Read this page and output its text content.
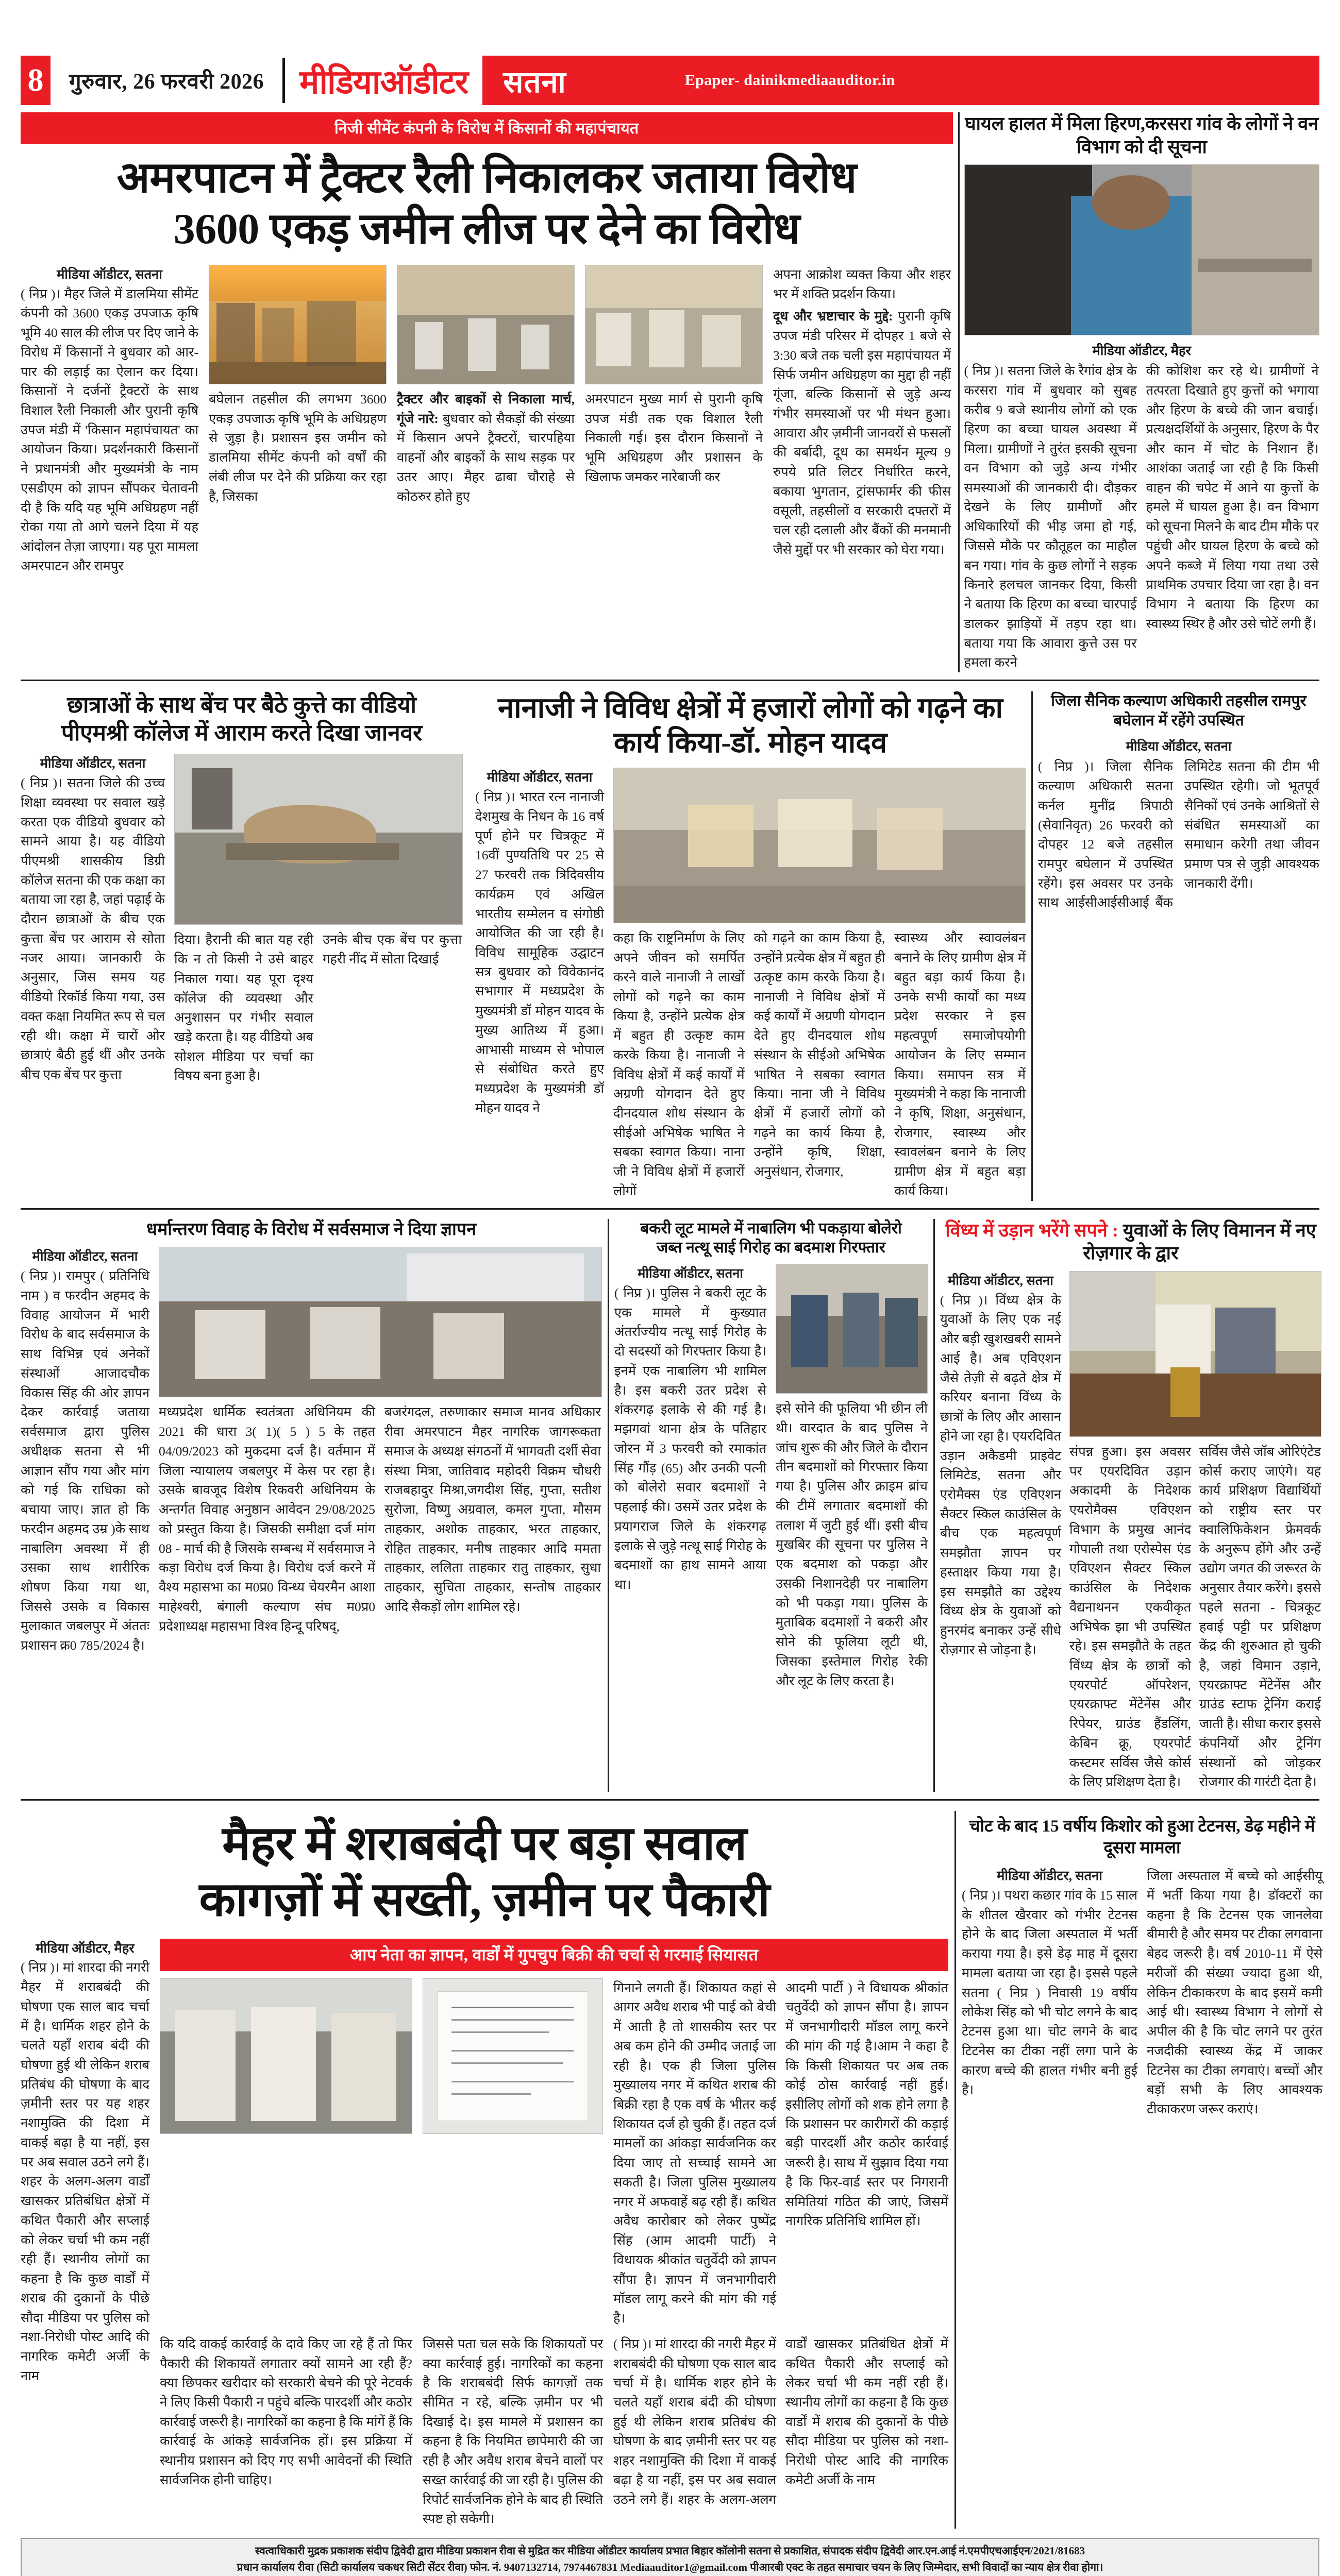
8	गुरुवार, 26 फरवरी 2026	मीडियाऑडीटर	सतना	Epaper- dainikmediaauditor.in
निजी सीमेंट कंपनी के विरोध में किसानों की महापंचायत
अमरपाटन में ट्रैक्टर रैली निकालकर जताया विरोध
3600 एकड़ जमीन लीज पर देने का विरोध
मीडिया ऑडीटर, सतना
( निप्र )। मैहर जिले में डालमिया सीमेंट कंपनी को 3600 एकड़ उपजाऊ कृषि भूमि 40 साल की लीज पर दिए जाने के विरोध में किसानों ने बुधवार को आर-पार की लड़ाई का ऐलान कर दिया। किसानों ने दर्जनों ट्रैक्टरों के साथ विशाल रैली निकाली और पुरानी कृषि उपज मंडी में 'किसान महापंचायत' का आयोजन किया। प्रदर्शनकारी किसानों ने प्रधानमंत्री और मुख्यमंत्री के नाम एसडीएम को ज्ञापन सौंपकर चेतावनी दी है कि यदि यह भूमि अधिग्रहण नहीं रोका गया तो आगे चलने दिया में यह आंदोलन तेज़ा जाएगा। यह पूरा मामला अमरपाटन और रामपुर
बघेलान तहसील की लगभग 3600 एकड़ उपजाऊ कृषि भूमि के अधिग्रहण से जुड़ा है। प्रशासन इस जमीन को डालमिया सीमेंट कंपनी को वर्षों की लंबी लीज पर देने की प्रक्रिया कर रहा है, जिसका
ट्रैक्टर और बाइकों से निकाला मार्च, गूंजे नारे: बुधवार को सैकड़ों की संख्या में किसान अपने ट्रैक्टरों, चारपहिया वाहनों और बाइकों के साथ सड़क पर उतर आए। मैहर ढाबा चौराहे से कोठरुर होते हुए
अमरपाटन मुख्य मार्ग से पुरानी कृषि उपज मंडी तक एक विशाल रैली निकाली गई। इस दौरान किसानों ने भूमि अधिग्रहण और प्रशासन के खिलाफ जमकर नारेबाजी कर
अपना आक्रोश व्यक्त किया और शहर भर में शक्ति प्रदर्शन किया।
दूध और भ्रष्टाचार के मुद्दे: पुरानी कृषि उपज मंडी परिसर में दोपहर 1 बजे से 3:30 बजे तक चली इस महापंचायत में सिर्फ जमीन अधिग्रहण का मुद्दा ही नहीं गूंजा, बल्कि किसानों से जुड़े अन्य गंभीर समस्याओं पर भी मंथन हुआ। आवारा और ज़मीनी जानवरों से फसलों की बर्बादी, दूध का समर्थन मूल्य 9 रुपये प्रति लिटर निर्धारित करने, बकाया भुगतान, ट्रांसफार्मर की फीस वसूली, तहसीलों व सरकारी दफ्तरों में चल रही दलाली और बैंकों की मनमानी जैसे मुद्दों पर भी सरकार को घेरा गया।
घायल हालत में मिला हिरण,करसरा गांव के लोगों ने वन विभाग को दी सूचना
मीडिया ऑडीटर, मैहर
( निप्र )। सतना जिले के रैगांव क्षेत्र के करसरा गांव में बुधवार को सुबह करीब 9 बजे स्थानीय लोगों को एक हिरण का बच्चा घायल अवस्था में मिला। ग्रामीणों ने तुरंत इसकी सूचना वन विभाग को जुड़े अन्य गंभीर समस्याओं की जानकारी दी। दौड़कर देखने के लिए ग्रामीणों और अधिकारियों की भीड़ जमा हो गई, जिससे मौके पर कौतूहल का माहौल बन गया। गांव के कुछ लोगों ने सड़क किनारे हलचल जानकर दिया, किसी ने बताया कि हिरण का बच्चा चारपाई डालकर झाड़ियों में तड़प रहा था। बताया गया कि आवारा कुत्ते उस पर हमला करने
की कोशिश कर रहे थे। ग्रामीणों ने तत्परता दिखाते हुए कुत्तों को भगाया और हिरण के बच्चे की जान बचाई। प्रत्यक्षदर्शियों के अनुसार, हिरण के पैर और कान में चोट के निशान हैं। आशंका जताई जा रही है कि किसी वाहन की चपेट में आने या कुत्तों के हमले में घायल हुआ है। वन विभाग को सूचना मिलने के बाद टीम मौके पर पहुंची और घायल हिरण के बच्चे को अपने कब्जे में लिया गया तथा उसे प्राथमिक उपचार दिया जा रहा है। वन विभाग ने बताया कि हिरण का स्वास्थ्य स्थिर है और उसे चोटें लगी हैं।
छात्राओं के साथ बेंच पर बैठे कुत्ते का वीडियो
पीएमश्री कॉलेज में आराम करते दिखा जानवर
मीडिया ऑडीटर, सतना
( निप्र )। सतना जिले की उच्च शिक्षा व्यवस्था पर सवाल खड़े करता एक वीडियो बुधवार को सामने आया है। यह वीडियो पीएमश्री शासकीय डिग्री कॉलेज सतना की एक कक्षा का बताया जा रहा है, जहां पढ़ाई के दौरान छात्राओं के बीच एक कुत्ता बेंच पर आराम से सोता नजर आया। जानकारी के अनुसार, जिस समय यह वीडियो रिकॉर्ड किया गया, उस वक्त कक्षा नियमित रूप से चल रही थी। कक्षा में चारों ओर छात्राएं बैठी हुई थीं और उनके बीच एक बेंच पर कुत्ता
दिया। हैरानी की बात यह रही कि न तो किसी ने उसे बाहर निकाल गया। यह पूरा दृश्य कॉलेज की व्यवस्था और अनुशासन पर गंभीर सवाल खड़े करता है। यह वीडियो अब सोशल मीडिया पर चर्चा का विषय बना हुआ है।
उनके बीच एक बेंच पर कुत्ता गहरी नींद में सोता दिखाई
नानाजी ने विविध क्षेत्रों में हजारों लोगों को गढ़ने का कार्य किया-डॉ. मोहन यादव
मीडिया ऑडीटर, सतना
( निप्र )। भारत रत्न नानाजी देशमुख के निधन के 16 वर्ष पूर्ण होने पर चित्रकूट में 16वीं पुण्यतिथि पर 25 से 27 फरवरी तक त्रिदिवसीय कार्यक्रम एवं अखिल भारतीय सम्मेलन व संगोष्ठी आयोजित की जा रही है। विविध सामूहिक उद्घाटन सत्र बुधवार को विवेकानंद सभागार में मध्यप्रदेश के मुख्यमंत्री डॉ मोहन यादव के मुख्य आतिथ्य में हुआ। आभासी माध्यम से भोपाल से संबोधित करते हुए मध्यप्रदेश के मुख्यमंत्री डॉ मोहन यादव ने
कहा कि राष्ट्रनिर्माण के लिए अपने जीवन को समर्पित करने वाले नानाजी ने लाखों लोगों को गढ़ने का काम किया है, उन्होंने प्रत्येक क्षेत्र में बहुत ही उत्कृष्ट काम करके किया है। नानाजी ने विविध क्षेत्रों में कई कार्यों में अग्रणी योगदान देते हुए दीनदयाल शोध संस्थान के सीईओ अभिषेक भाषित ने सबका स्वागत किया। नाना जी ने विविध क्षेत्रों में हजारों लोगों
को गढ़ने का काम किया है, उन्होंने प्रत्येक क्षेत्र में बहुत ही उत्कृष्ट काम करके किया है। नानाजी ने विविध क्षेत्रों में कई कार्यों में अग्रणी योगदान देते हुए दीनदयाल शोध संस्थान के सीईओ अभिषेक भाषित ने सबका स्वागत किया। नाना जी ने विविध क्षेत्रों में हजारों लोगों को गढ़ने का कार्य किया है, उन्होंने कृषि, शिक्षा, अनुसंधान, रोजगार,
स्वास्थ्य और स्वावलंबन बनाने के लिए ग्रामीण क्षेत्र में बहुत बड़ा कार्य किया है। उनके सभी कार्यों का मध्य प्रदेश सरकार ने इस महत्वपूर्ण समाजोपयोगी आयोजन के लिए सम्मान किया। समापन सत्र में मुख्यमंत्री ने कहा कि नानाजी ने कृषि, शिक्षा, अनुसंधान, रोजगार, स्वास्थ्य और स्वावलंबन बनाने के लिए ग्रामीण क्षेत्र में बहुत बड़ा कार्य किया।
जिला सैनिक कल्याण अधिकारी तहसील रामपुर बघेलान में रहेंगे उपस्थित
मीडिया ऑडीटर, सतना
( निप्र )। जिला सैनिक कल्याण अधिकारी सतना कर्नल मुनींद्र त्रिपाठी (सेवानिवृत) 26 फरवरी को दोपहर 12 बजे तहसील रामपुर बघेलान में उपस्थित रहेंगे। इस अवसर पर उनके साथ आईसीआईसीआई बैंक लिमिटेड सतना की टीम भी उपस्थित रहेगी। जो भूतपूर्व सैनिकों एवं उनके आश्रितों से संबंधित समस्याओं का समाधान करेगी तथा जीवन प्रमाण पत्र से जुड़ी आवश्यक जानकारी देंगी।
धर्मान्तरण विवाह के विरोध में सर्वसमाज ने दिया ज्ञापन
मीडिया ऑडीटर, सतना
( निप्र )। रामपुर ( प्रतिनिधि नाम ) व फरदीन अहमद के विवाह आयोजन में भारी विरोध के बाद सर्वसमाज के साथ विभिन्न एवं अनेकों संस्थाओं आजादचौक विकास सिंह की ओर ज्ञापन देकर कार्रवाई जताया सर्वसमाज द्वारा पुलिस अधीक्षक सतना से भी आज्ञान सौंप गया और मांग को गई कि राधिका को बचाया जाए। ज्ञात हो कि फरदीन अहमद उम्र )के साथ नाबालिग अवस्था में ही उसका साथ शारीरिक शोषण किया गया था, जिससे उसके व विकास मुलाकात जबलपुर में अंततः प्रशासन क्र0 785/2024 है।
मध्यप्रदेश धार्मिक स्वतंत्रता अधिनियम की 2021 की धारा 3( 1)( 5 ) 5 के तहत 04/09/2023 को मुकदमा दर्ज है। वर्तमान में जिला न्यायालय जबलपुर में केस पर रहा है। उसके बावजूद विशेष रिकवरी अधिनियम के अन्तर्गत विवाह अनुष्ठान आवेदन 29/08/2025 को प्रस्तुत किया है। जिसकी समीक्षा दर्ज मांग 08 - मार्च की है जिसके सम्बन्ध में सर्वसमाज ने कड़ा विरोध दर्ज किया है। विरोध दर्ज करने में वैश्य महासभा का म0प्र0 विन्ध्य चेयरमैन आशा माहेश्वरी, बंगाली कल्याण संघ म0प्र0 प्रदेशाध्यक्ष महासभा विश्व हिन्दू परिषद्,
बजरंगदल, तरुणाकार समाज मानव अधिकार रीवा अमरपाटन मैहर नागरिक जागरूकता समाज के अध्यक्ष संगठनों में भागवती दर्शी सेवा संस्था मित्रा, जातिवाद महोदरी विक्रम चौधरी राजबहादुर मिश्रा,जगदीश सिंह, गुप्ता, सतीश सुरोजा, विष्णु अग्रवाल, कमल गुप्ता, मौसम ताहकार, अशोक ताहकार, भरत ताहकार, रोहित ताहकार, मनीष ताहकार आदि ममता ताहकार, ललिता ताहकार रातु ताहकार, सुधा ताहकार, सुचिता ताहकार, सन्तोष ताहकार आदि सैकड़ों लोग शामिल रहे।
बकरी लूट मामले में नाबालिग भी पकड़ाया बोलेरो
जब्त नत्थू साई गिरोह का बदमाश गिरफ्तार
मीडिया ऑडीटर, सतना
( निप्र )। पुलिस ने बकरी लूट के एक मामले में कुख्यात अंतर्राज्यीय नत्थू साई गिरोह के दो सदस्यों को गिरफ्तार किया है। इनमें एक नाबालिग भी शामिल है। इस बकरी उतर प्रदेश से शंकरगढ़ इलाके से की गई है। मझगवां थाना क्षेत्र के पतिहार जोरन में 3 फरवरी को रमाकांत सिंह गौंड़ (65) और उनकी पत्नी को बोलेरो सवार बदमाशों ने पहलाई की। उसमें उतर प्रदेश के प्रयागराज जिले के शंकरगढ़ इलाके से जुड़े नत्थू साई गिरोह के बदमाशों का हाथ सामने आया था।
इसे सोने की फूलिया भी छीन ली थी। वारदात के बाद पुलिस ने जांच शुरू की और जिले के दौरान तीन बदमाशों को गिरफ्तार किया गया है। पुलिस और क्राइम ब्रांच की टीमें लगातार बदमाशों की तलाश में जुटी हुई थीं। इसी बीच मुखबिर की सूचना पर पुलिस ने एक बदमाश को पकड़ा और उसकी निशानदेही पर नाबालिग को भी पकड़ा गया। पुलिस के मुताबिक बदमाशों ने बकरी और सोने की फूलिया लूटी थी, जिसका इस्तेमाल गिरोह रेकी और लूट के लिए करता है।
विंध्य में उड़ान भरेंगे सपने : युवाओं के लिए विमानन में नए रोज़गार के द्वार
मीडिया ऑडीटर, सतना
( निप्र )। विंध्य क्षेत्र के युवाओं के लिए एक नई और बड़ी खुशखबरी सामने आई है। अब एविएशन जैसे तेज़ी से बढ़ते क्षेत्र में करियर बनाना विंध्य के छात्रों के लिए और आसान होने जा रहा है। एयरदिवित उड़ान अकैडमी प्राइवेट लिमिटेड, सतना और एरोमैक्स एंड एविएशन सैक्टर स्किल काउंसिल के बीच एक महत्वपूर्ण समझौता ज्ञापन पर हस्ताक्षर किया गया है। इस समझौते का उद्देश्य विंध्य क्षेत्र के युवाओं को हुनरमंद बनाकर उन्हें सीधे रोज़गार से जोड़ना है।
संपन्न हुआ। इस अवसर पर एयरदिवित उड़ान अकादमी के निदेशक एयरोमैक्स एविएशन विभाग के प्रमुख आनंद गोपाली तथा एरोस्पेस एंड एविएशन सैक्टर स्किल काउंसिल के निदेशक वैद्यनाथनन एकवीकृत अभिषेक झा भी उपस्थित रहे। इस समझौते के तहत विंध्य क्षेत्र के छात्रों को एयरपोर्ट ऑपरेशन, एयरक्राफ्ट मेंटेनेंस और रिपेयर, ग्राउंड हैंडलिंग, केबिन क्रू, एयरपोर्ट कस्टमर सर्विस जैसे कोर्स के लिए प्रशिक्षण देता है।
सर्विस जैसे जॉब ओरिएंटेड कोर्स कराए जाएंगे। यह कार्य प्रशिक्षण विद्यार्थियों को राष्ट्रीय स्तर पर क्वालिफिकेशन फ्रेमवर्क के अनुरूप होंगे और उन्हें उद्योग जगत की जरूरत के अनुसार तैयार करेंगे। इससे पहले सतना - चित्रकूट हवाई पट्टी पर प्रशिक्षण केंद्र की शुरुआत हो चुकी है, जहां विमान उड़ाने, एयरक्राफ्ट मेंटेनेंस और ग्राउंड स्टाफ ट्रेनिंग कराई जाती है। सीधा करार इससे कंपनियों और ट्रेनिंग संस्थानों को जोड़कर रोजगार की गारंटी देता है।
मैहर में शराबबंदी पर बड़ा सवाल
कागज़ों में सख्ती, ज़मीन पर पैकारी
मीडिया ऑडीटर, मैहर
( निप्र )। मां शारदा की नगरी मैहर में शराबबंदी की घोषणा एक साल बाद चर्चा में है। धार्मिक शहर होने के चलते यहाँ शराब बंदी की घोषणा हुई थी लेकिन शराब प्रतिबंध की घोषणा के बाद ज़मीनी स्तर पर यह शहर नशामुक्ति की दिशा में वाकई बढ़ा है या नहीं, इस पर अब सवाल उठने लगे हैं। शहर के अलग-अलग वार्डों खासकर प्रतिबंधित क्षेत्रों में कथित पैकारी और सप्लाई को लेकर चर्चा भी कम नहीं रही हैं। स्थानीय लोगों का कहना है कि कुछ वार्डों में शराब की दुकानों के पीछे सौदा मीडिया पर पुलिस को नशा-निरोधी पोस्ट आदि की नागरिक कमेटी अर्जी के नाम
आप नेता का ज्ञापन, वार्डों में गुपचुप बिक्री की चर्चा से गरमाई सियासत
गिनाने लगती हैं। शिकायत कहां से आगर अवैध शराब भी पाई को बेची में आती है तो शासकीय स्तर पर अब कम होने की उम्मीद जताई जा रही है। एक ही जिला पुलिस मुख्यालय नगर में कथित शराब की बिक्री रहा है एक वर्ष के भीतर कई शिकायत दर्ज हो चुकी हैं। तहत दर्ज मामलों का आंकड़ा सार्वजनिक कर दिया जाए तो सच्चाई सामने आ सकती है। जिला पुलिस मुख्यालय नगर में अफवाहें बढ़ रही हैं। कथित अवैध कारोबार को लेकर पुष्पेंद्र सिंह (आम आदमी पार्टी) ने विधायक श्रीकांत चतुर्वेदी को ज्ञापन सौंपा है। ज्ञापन में जनभागीदारी मॉडल लागू करने की मांग की गई है।
आदमी पार्टी ) ने विधायक श्रीकांत चतुर्वेदी को ज्ञापन सौंपा है। ज्ञापन में जनभागीदारी मॉडल लागू करने की मांग की गई है।आम ने कहा है कि किसी शिकायत पर अब तक कोई ठोस कार्रवाई नहीं हुई। इसीलिए लोगों को शक होने लगा है कि प्रशासन पर कारीगरों की कड़ाई बड़ी पारदर्शी और कठोर कार्रवाई जरूरी है। साथ में सुझाव दिया गया है कि फिर-वार्ड स्तर पर निगरानी समितियां गठित की जाएं, जिसमें नागरिक प्रतिनिधि शामिल हों।
कि यदि वाकई कार्रवाई के दावे किए जा रहे हैं तो फिर पैकारी की शिकायतें लगातार क्यों सामने आ रही हैं? क्या छिपकर खरीदार को सरकारी बेचने की पूरे नेटवर्क ने लिए किसी पैकारी न पहुंचे बल्कि पारदर्शी और कठोर कार्रवाई जरूरी है। नागरिकों का कहना है कि मांगें हैं कि कार्रवाई के आंकड़े सार्वजनिक हों। इस प्रक्रिया में स्थानीय प्रशासन को दिए गए सभी आवेदनों की स्थिति सार्वजनिक होनी चाहिए।
जिससे पता चल सके कि शिकायतों पर क्या कार्रवाई हुई। नागरिकों का कहना है कि शराबबंदी सिर्फ कागज़ों तक सीमित न रहे, बल्कि ज़मीन पर भी दिखाई दे। इस मामले में प्रशासन का कहना है कि नियमित छापेमारी की जा रही है और अवैध शराब बेचने वालों पर सख्त कार्रवाई की जा रही है। पुलिस की रिपोर्ट सार्वजनिक होने के बाद ही स्थिति स्पष्ट हो सकेगी।
( निप्र )। मां शारदा की नगरी मैहर में शराबबंदी की घोषणा एक साल बाद चर्चा में है। धार्मिक शहर होने के चलते यहाँ शराब बंदी की घोषणा हुई थी लेकिन शराब प्रतिबंध की घोषणा के बाद ज़मीनी स्तर पर यह शहर नशामुक्ति की दिशा में वाकई बढ़ा है या नहीं, इस पर अब सवाल उठने लगे हैं। शहर के अलग-अलग वार्डों खासकर प्रतिबंधित क्षेत्रों में कथित पैकारी और सप्लाई को लेकर चर्चा भी कम नहीं रही हैं। स्थानीय लोगों का कहना है कि कुछ वार्डों में शराब की दुकानों के पीछे सौदा मीडिया पर पुलिस को नशा-निरोधी पोस्ट आदि की नागरिक कमेटी अर्जी के नाम
चोट के बाद 15 वर्षीय किशोर को हुआ टेटनस, डेढ़ महीने में दूसरा मामला
मीडिया ऑडीटर, सतना
( निप्र )। पथरा कछार गांव के 15 साल के शीतल खैरवार को गंभीर टेटनस होने के बाद जिला अस्पताल में भर्ती कराया गया है। इसे डेढ़ माह में दूसरा मामला बताया जा रहा है। इससे पहले सतना ( निप्र ) निवासी 19 वर्षीय लोकेश सिंह को भी चोट लगने के बाद टेटनस हुआ था। चोट लगने के बाद टिटनेस का टीका नहीं लगा पाने के कारण बच्चे की हालत गंभीर बनी हुई है।
जिला अस्पताल में बच्चे को आईसीयू में भर्ती किया गया है। डॉक्टरों का कहना है कि टेटनस एक जानलेवा बीमारी है और समय पर टीका लगवाना बेहद जरूरी है। वर्ष 2010-11 में ऐसे मरीजों की संख्या ज्यादा हुआ थी, लेकिन टीकाकरण के बाद इसमें कमी आई थी। स्वास्थ्य विभाग ने लोगों से अपील की है कि चोट लगने पर तुरंत नजदीकी स्वास्थ्य केंद्र में जाकर टिटनेस का टीका लगवाएं। बच्चों और बड़ों सभी के लिए आवश्यक टीकाकरण जरूर कराएं।
स्वत्वाधिकारी मुद्रक प्रकाशक संदीप द्विवेदी द्वारा मीडिया प्रकाशन रीवा से मुद्रित कर मीडिया ऑडीटर कार्यालय प्रभात बिहार कॉलोनी सतना से प्रकाशित, संपादक संदीप द्विवेदी आर.एन.आई नं.एमपीएचआईएन/2021/81683
प्रधान कार्यालय रीवा (सिटी कार्यालय चकधर सिटी सेंटर रीवा) फोन. नं. 9407132714, 7974467831 Mediaauditor1@gmail.com पीआरबी एक्ट के तहत समाचार चयन के लिए जिम्मेदार, सभी विवादों का न्याय क्षेत्र रीवा होगा।
